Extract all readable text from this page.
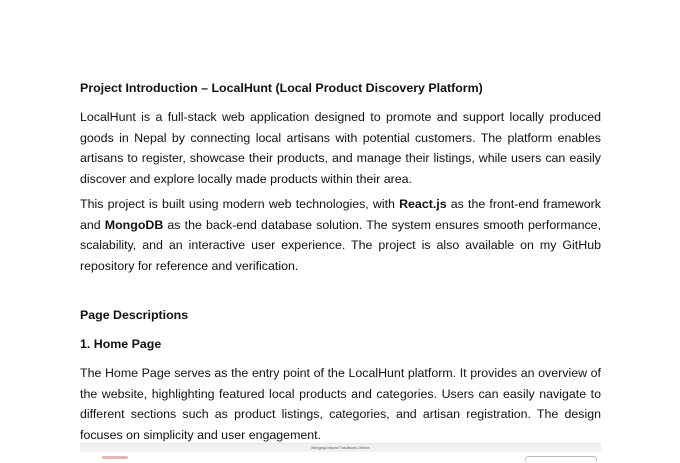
Project Introduction – LocalHunt (Local Product Discovery Platform)

LocalHunt is a full-stack web application designed to promote and support locally produced goods in Nepal by connecting local artisans with potential customers. The platform enables artisans to register, showcase their products, and manage their listings, while users can easily discover and explore locally made products within their area.

This project is built using modern web technologies, with React.js as the front-end framework and MongoDB as the back-end database solution. The system ensures smooth performance, scalability, and an interactive user experience. The project is also available on my GitHub repository for reference and verification.

Page Descriptions
1. Home Page

The Home Page serves as the entry point of the LocalHunt platform. It provides an overview of the website, highlighting featured local products and categories. Users can easily navigate to different sections such as product listings, categories, and artisan registration. The design focuses on simplicity and user engagement.

Bringing Nepali Traditions Online
